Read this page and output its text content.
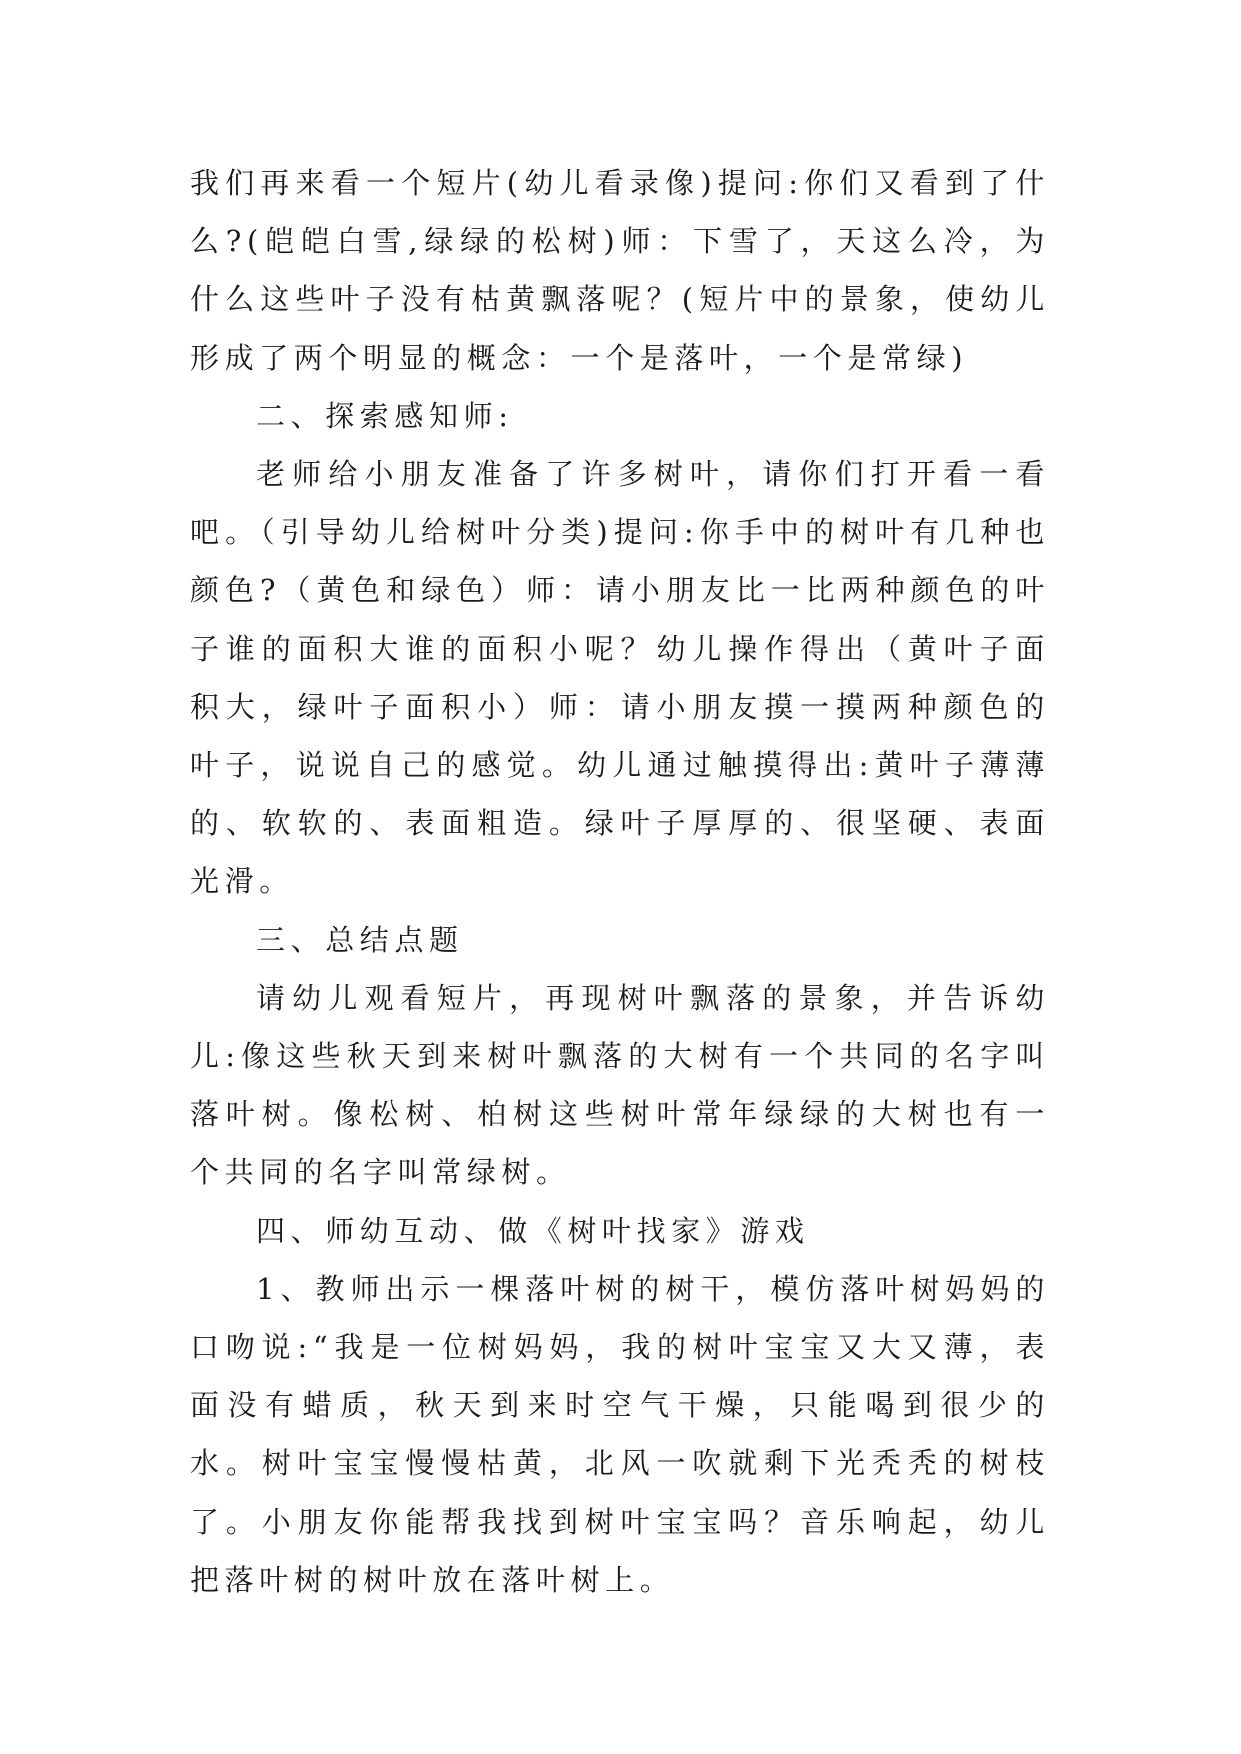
我们再来看一个短片(幼儿看录像)提问:你们又看到了什么?(皑皑白雪,绿绿的松树)师：下雪了，天这么冷，为什么这些叶子没有枯黄飘落呢？(短片中的景象，使幼儿形成了两个明显的概念：一个是落叶，一个是常绿)

二、探索感知师:

老师给小朋友准备了许多树叶，请你们打开看一看吧。（引导幼儿给树叶分类)提问:你手中的树叶有几种也颜色?（黄色和绿色）师：请小朋友比一比两种颜色的叶子谁的面积大谁的面积小呢？幼儿操作得出（黄叶子面积大，绿叶子面积小）师：请小朋友摸一摸两种颜色的叶子，说说自己的感觉。幼儿通过触摸得出:黄叶子薄薄的、软软的、表面粗造。绿叶子厚厚的、很坚硬、表面光滑。

三、总结点题

请幼儿观看短片，再现树叶飘落的景象，并告诉幼儿:像这些秋天到来树叶飘落的大树有一个共同的名字叫落叶树。像松树、柏树这些树叶常年绿绿的大树也有一个共同的名字叫常绿树。

四、师幼互动、做《树叶找家》游戏

1、教师出示一棵落叶树的树干，模仿落叶树妈妈的口吻说:“我是一位树妈妈，我的树叶宝宝又大又薄，表面没有蜡质，秋天到来时空气干燥，只能喝到很少的水。树叶宝宝慢慢枯黄，北风一吹就剩下光秃秃的树枝了。小朋友你能帮我找到树叶宝宝吗？音乐响起，幼儿把落叶树的树叶放在落叶树上。
